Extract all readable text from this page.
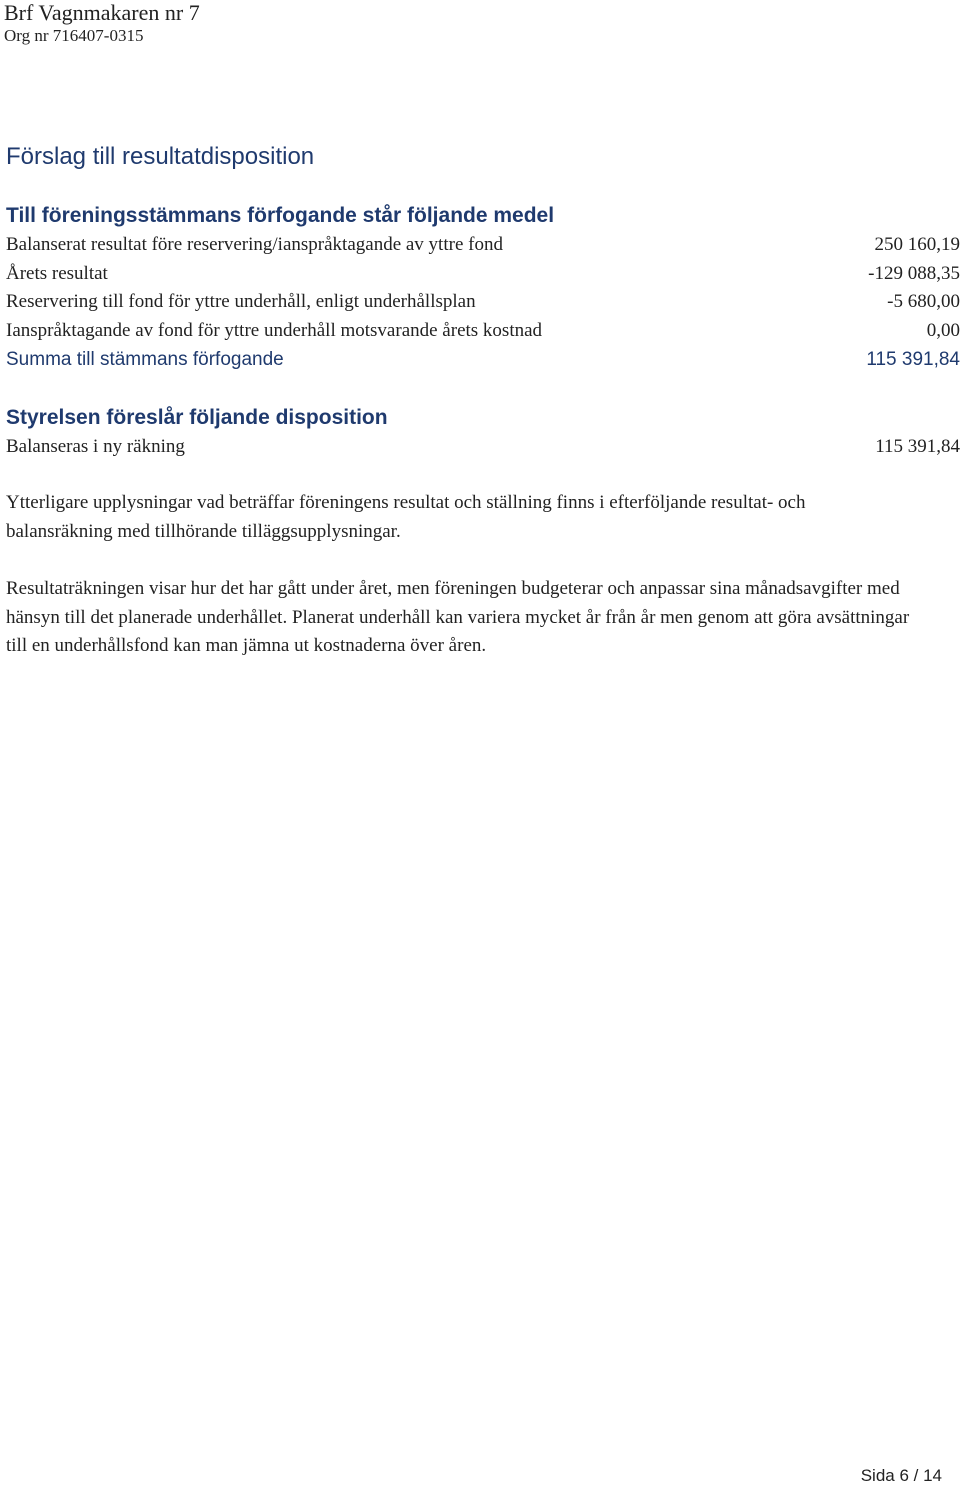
Brf Vagnmakaren nr 7
Org nr 716407-0315
Förslag till resultatdisposition
Till föreningsstämmans förfogande står följande medel
Balanserat resultat före reservering/ianspråktagande av yttre fond	250 160,19
Årets resultat	-129 088,35
Reservering till fond för yttre underhåll, enligt underhållsplan	-5 680,00
Ianspråktagande av fond för yttre underhåll motsvarande årets kostnad	0,00
Summa till stämmans förfogande	115 391,84
Styrelsen föreslår följande disposition
Balanseras i ny räkning	115 391,84

Ytterligare upplysningar vad beträffar föreningens resultat och ställning finns i efterföljande resultat- och balansräkning med tillhörande tilläggsupplysningar.

Resultaträkningen visar hur det har gått under året, men föreningen budgeterar och anpassar sina månadsavgifter med hänsyn till det planerade underhållet. Planerat underhåll kan variera mycket år från år men genom att göra avsättningar till en underhållsfond kan man jämna ut kostnaderna över åren.

Sida 6 / 14
